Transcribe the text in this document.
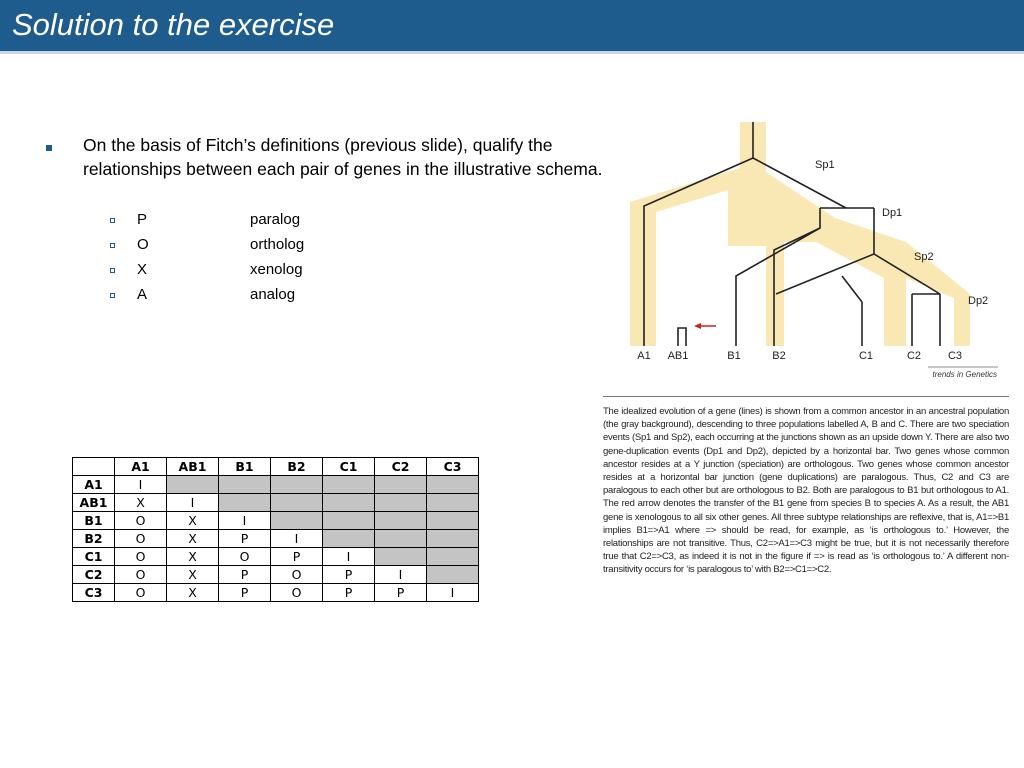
Solution to the exercise
On the basis of Fitch’s definitions (previous slide), qualify the relationships between each pair of genes in the illustrative schema.
P	paralog
O	ortholog
X	xenolog
A	analog
	A1	AB1	B1	B2	C1	C2	C3
A1	I						
AB1	X	I					
B1	O	X	I				
B2	O	X	P	I			
C1	O	X	O	P	I		
C2	O	X	P	O	P	I	
C3	O	X	P	O	P	P	I
Sp1
Dp1
Sp2
Dp2
A1 AB1	B1	B2	C1	C2 C3
trends in Genetics
The idealized evolution of a gene (lines) is shown from a common ancestor in an ancestral population (the gray background), descending to three populations labelled A, B and C. There are two speciation events (Sp1 and Sp2), each occurring at the junctions shown as an upside down Y. There are also two gene-duplication events (Dp1 and Dp2), depicted by a horizontal bar. Two genes whose common ancestor resides at a Y junction (speciation) are orthologous. Two genes whose common ancestor resides at a horizontal bar junction (gene duplications) are paralogous. Thus, C2 and C3 are paralogous to each other but are orthologous to B2. Both are paralogous to B1 but orthologous to A1. The red arrow denotes the transfer of the B1 gene from species B to species A. As a result, the AB1 gene is xenologous to all six other genes. All three subtype relationships are reflexive, that is, A1=>B1 implies B1=>A1 where => should be read, for example, as ‘is orthologous to.’ However, the relationships are not transitive. Thus, C2=>A1=>C3 might be true, but it is not necessarily therefore true that C2=>C3, as indeed it is not in the figure if => is read as ‘is orthologous to.’ A different non-transitivity occurs for ‘is paralogous to’ with B2=>C1=>C2.
